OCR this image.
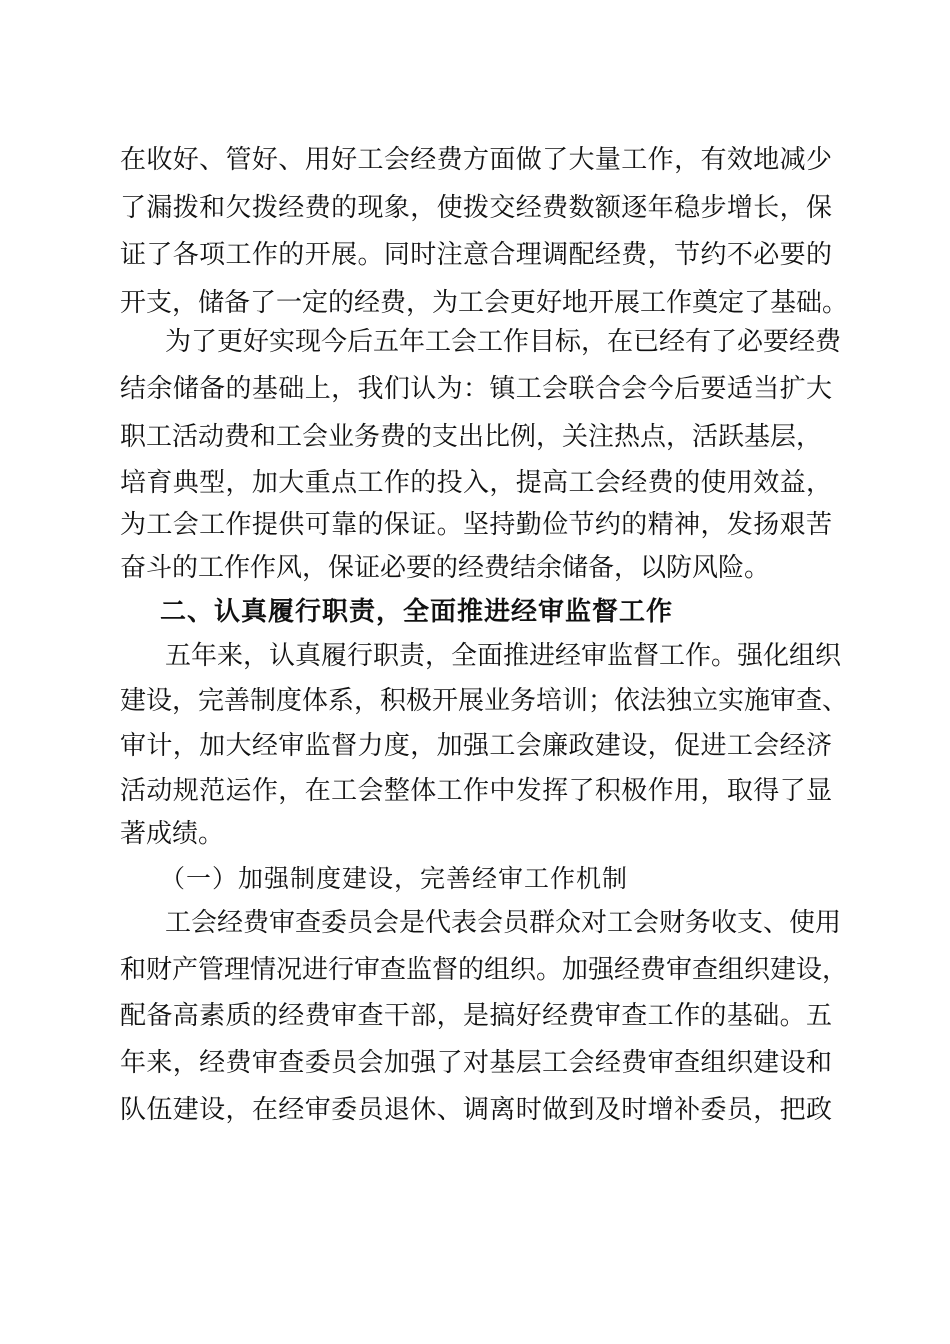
在收好、管好、用好工会经费方面做了大量工作，有效地减少
了漏拨和欠拨经费的现象，使拨交经费数额逐年稳步增长，保
证了各项工作的开展。同时注意合理调配经费，节约不必要的
开支，储备了一定的经费，为工会更好地开展工作奠定了基础。
为了更好实现今后五年工会工作目标，在已经有了必要经费
结余储备的基础上，我们认为：镇工会联合会今后要适当扩大
职工活动费和工会业务费的支出比例，关注热点，活跃基层，
培育典型，加大重点工作的投入，提高工会经费的使用效益，
为工会工作提供可靠的保证。坚持勤俭节约的精神，发扬艰苦
奋斗的工作作风，保证必要的经费结余储备，以防风险。
二、认真履行职责，全面推进经审监督工作
五年来，认真履行职责，全面推进经审监督工作。强化组织
建设，完善制度体系，积极开展业务培训；依法独立实施审查、
审计，加大经审监督力度，加强工会廉政建设，促进工会经济
活动规范运作，在工会整体工作中发挥了积极作用，取得了显
著成绩。
（一）加强制度建设，完善经审工作机制
工会经费审查委员会是代表会员群众对工会财务收支、使用
和财产管理情况进行审查监督的组织。加强经费审查组织建设，
配备高素质的经费审查干部，是搞好经费审查工作的基础。五
年来，经费审查委员会加强了对基层工会经费审查组织建设和
队伍建设，在经审委员退休、调离时做到及时增补委员，把政
